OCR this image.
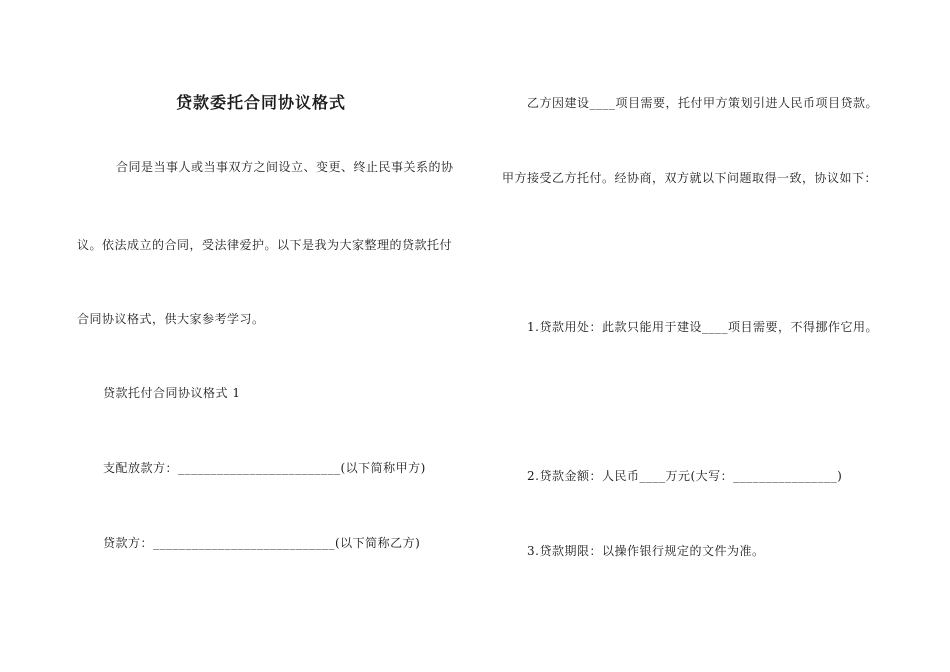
贷款委托合同协议格式
合同是当事人或当事双方之间设立、变更、终止民事关系的协
议。依法成立的合同，受法律爱护。以下是我为大家整理的贷款托付
合同协议格式，供大家参考学习。
贷款托付合同协议格式 1
支配放款方：_________________________(以下简称甲方)
贷款方：____________________________(以下简称乙方)
乙方因建设____项目需要，托付甲方策划引进人民币项目贷款。
甲方接受乙方托付。经协商，双方就以下问题取得一致，协议如下：
1.贷款用处：此款只能用于建设____项目需要，不得挪作它用。
2.贷款金额：人民币____万元(大写：________________)
3.贷款期限：以操作银行规定的文件为准。
